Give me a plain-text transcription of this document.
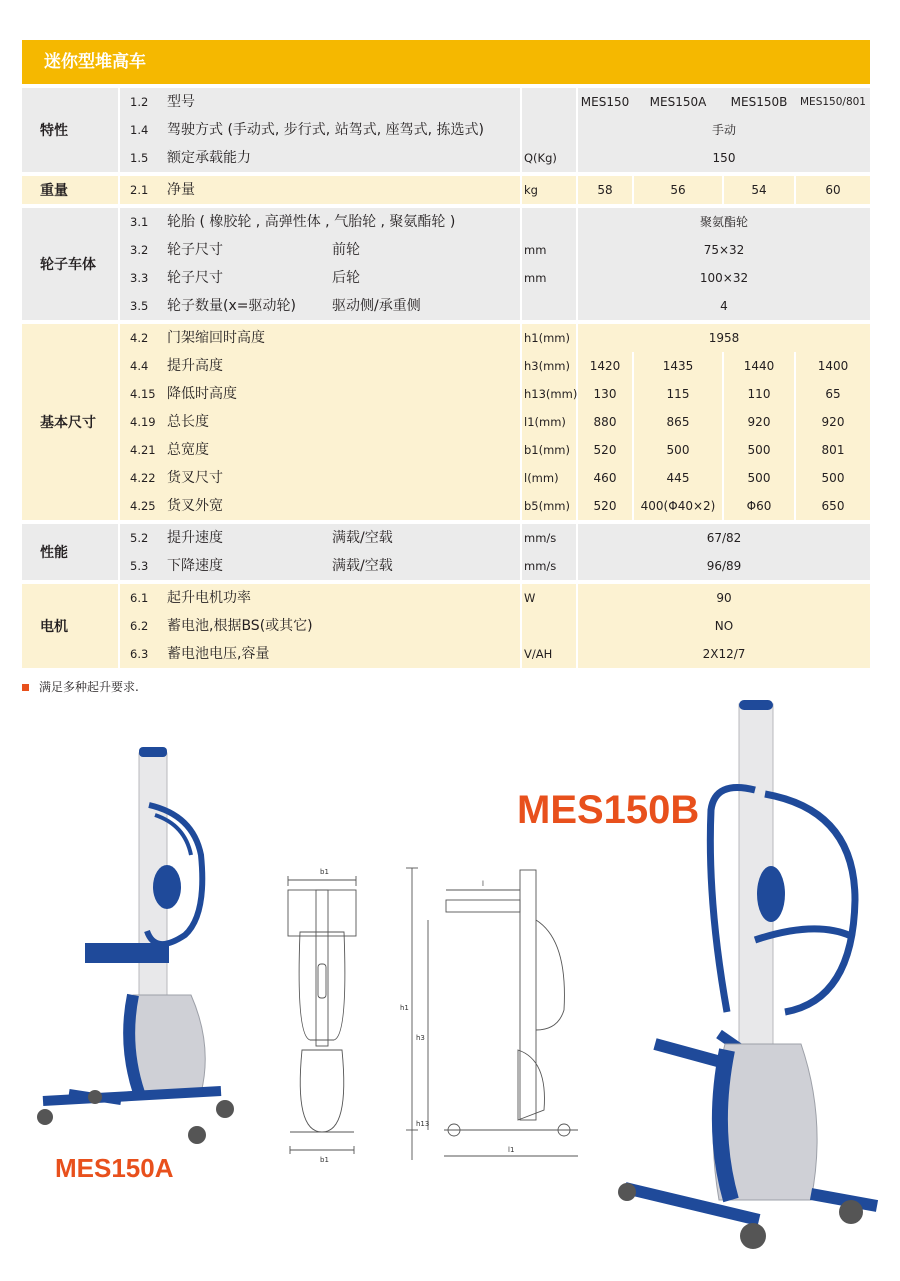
迷你型堆高车
特性
1.2 型号	MES150	MES150A	MES150B	MES150/801
1.4 驾驶方式 (手动式, 步行式, 站驾式, 座驾式, 拣选式)	手动
1.5 额定承载能力	Q(Kg)	150
重量	2.1 净量	kg	58	56	54	60
轮子车体
3.1 轮胎 ( 橡胶轮 , 高弹性体 , 气胎轮 , 聚氨酯轮 )	聚氨酯轮
3.2 轮子尺寸	前轮	mm	75×32
3.3 轮子尺寸	后轮	mm	100×32
3.5 轮子数量(x=驱动轮)	驱动侧/承重侧	4
基本尺寸
4.2 门架缩回时高度	h1(mm)	1958
4.4 提升高度	h3(mm)	1420	1435	1440	1400
4.15 降低时高度	h13(mm)	130	115	110	65
4.19 总长度	l1(mm)	880	865	920	920
4.21 总宽度	b1(mm)	520	500	500	801
4.22 货叉尺寸	l(mm)	460	445	500	500
4.25 货叉外宽	b5(mm)	520	400(Φ40×2)	Φ60	650
性能
5.2 提升速度	满载/空载	mm/s	67/82
5.3 下降速度	满载/空载	mm/s	96/89
电机
6.1 起升电机功率	W	90
6.2 蓄电池,根据BS(或其它)	NO
6.3 蓄电池电压,容量	V/AH	2X12/7
满足多种起升要求.
MES150A
b1
b1
h1
h3
h13
l
l1
MES150B
